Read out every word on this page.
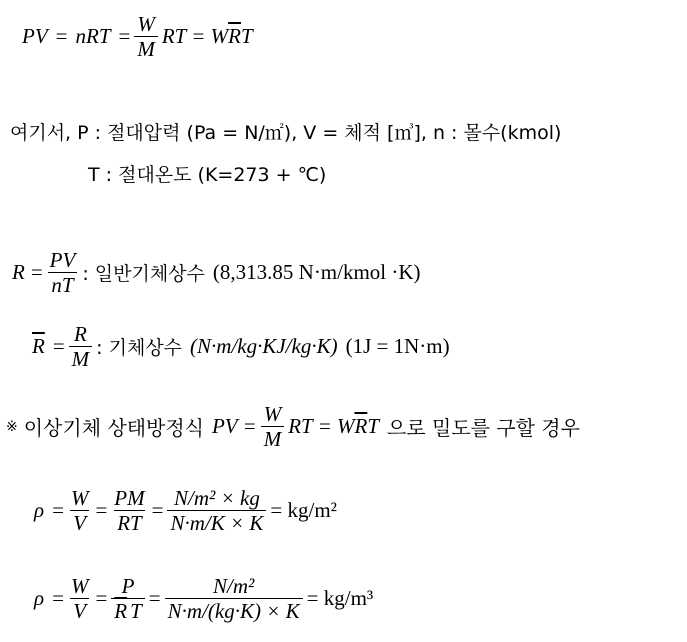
PV = nRT = $\frac{W}{M}$ RT = W $\overline{R}$ T
여기서, P : 절대압력 (Pa = N/㎡), V = 체적 [㎥], n : 몰수(kmol)
T : 절대온도 (K=273 + ℃)
$R = \frac{PV}{nT}$ : 일반기체상수 (8,313.85 N·m/kmol ·K)
$\overline{R} = \frac{R}{M}$ : 기체상수 (N·m/kg·KJ/kg·K) (1J = 1N·m)
※ 이상기체 상태방정식 PV = $\frac{W}{M}$ RT = W $\overline{R}$ T 으로 밀도를 구할 경우
$\rho = \frac{W}{V} = \frac{PM}{RT} = \frac{\text{N/m² × kg}}{N\cdot m/K \times K} = kg/m^2$
$\rho = \frac{W}{V} = \frac{P}{\overline{R} T} = \frac{\text{N/m²}}{N\cdot m/(kg\cdot K) \times K} = kg/m^3$
